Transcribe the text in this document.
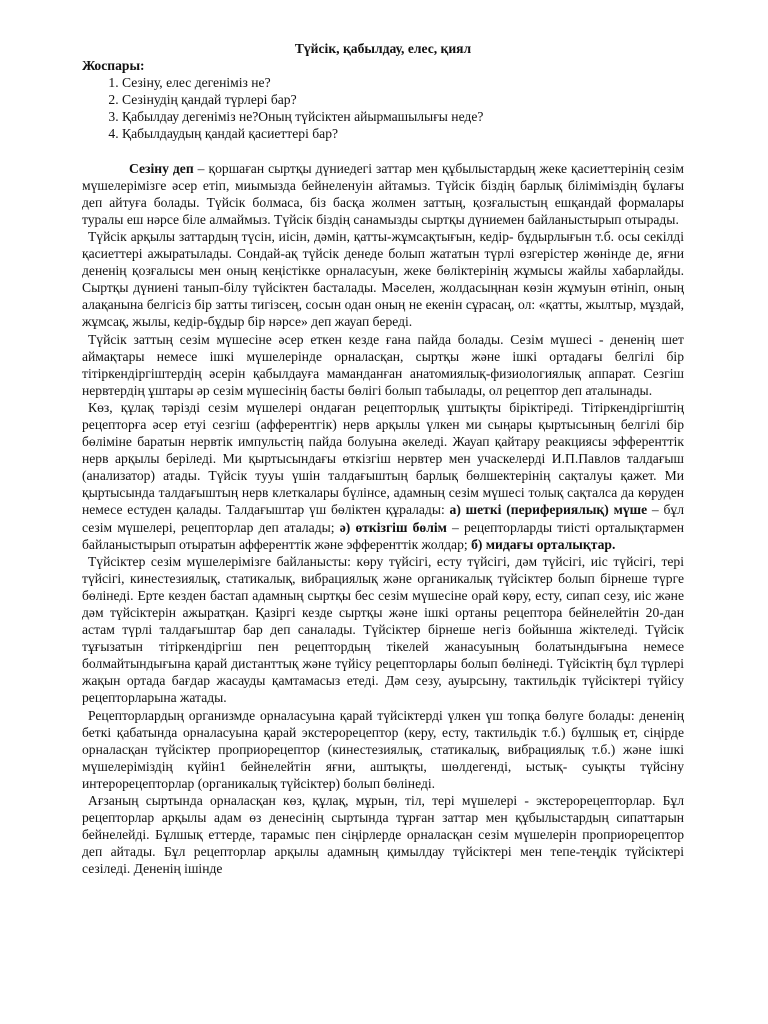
Түйсік, қабылдау, елес, қиял
Жоспары:
1. Сезіну, елес дегеніміз не?
2. Сезінудің қандай түрлері бар?
3. Қабылдау дегеніміз не?Оның түйсіктен айырмашылығы неде?
4. Қабылдаудың қандай қасиеттері бар?

Сезіну деп – қоршаған сыртқы дүниедегі заттар мен құбылыстардың жеке қасиеттерінің сезім мүшелерімізге әсер етіп, миымызда бейнеленуін айтамыз. Түйсік біздің барлық біліміміздің бұлағы деп айтуға болады. Түйсік болмаса, біз басқа жолмен заттың, қозғалыстың ешқандай формалары туралы еш нәрсе біле алмаймыз. Түйсік біздің санамызды сыртқы дүниемен байланыстырып отырады.

Түйсік арқылы заттардың түсін, иісін, дәмін, қатты-жұмсақтығын, кедір- бұдырлығын т.б. осы секілді қасиеттері ажыратылады. Сондай-ақ түйсік денеде болып жататын түрлі өзгерістер жөнінде де, яғни дененің қозғалысы мен оның кеңістікке орналасуын, жеке бөліктерінің жұмысы жайлы хабарлайды. Сыртқы дүниені танып-білу түйсіктен басталады. Мәселен, жолдасыңнан көзін жұмуын өтініп, оның алақанына белгісіз бір затты тигізсең, сосын одан оның не екенін сұрасаң, ол: «қатты, жылтыр, мұздай, жұмсақ, жылы, кедір-бұдыр бір нәрсе» деп жауап береді.

Түйсік заттың сезім мүшесіне әсер еткен кезде ғана пайда болады. Сезім мүшесі - дененің шет аймақтары немесе ішкі мүшелерінде орналасқан, сыртқы және ішкі ортадағы белгілі бір тітіркендіргіштердің әсерін қабылдауға маманданған анатомиялық-физиологиялық аппарат. Сезгіш нервтердің ұштары әр сезім мүшесінің басты бөлігі болып табылады, ол рецептор деп аталынады.

Көз, құлақ тәрізді сезім мүшелері ондаған рецепторлық ұштықты біріктіреді. Тітіркендіргіштің рецепторға әсер етуі сезгіш (афферентгік) нерв арқылы үлкен ми сыңары қыртысының белгілі бір бөліміне баратын нервтік импульстің пайда болуына әкеледі. Жауап қайтару реакциясы эфференттік нерв арқылы беріледі. Ми қыртысындағы өткізгіш нервтер мен учаскелерді И.П.Павлов талдағыш (анализатор) атады. Түйсік тууы үшін талдағыштың барлық бөлшектерінің сақталуы қажет. Ми қыртысында талдағыштың нерв клеткалары бүлінсе, адамның сезім мүшесі толық сақталса да көруден немесе естуден қалады. Талдағыштар үш бөліктен құралады: а) шеткі (перифериялық) мүше – бұл сезім мүшелері, рецепторлар деп аталады; ә) өткізгіш бөлім – рецепторларды тиісті орталықтармен байланыстырып отыратын афференттік және эфференттік жолдар; б) мидағы орталықтар.

Түйсіктер сезім мүшелерімізге байланысты: көру түйсігі, есту түйсігі, дәм түйсігі, иіс түйсігі, тері түйсігі, кинестезиялық, статикалық, вибрациялық және органикалық түйсіктер болып бірнеше түрге бөлінеді. Ерте кезден бастап адамның сыртқы бес сезім мүшесіне орай көру, есту, сипап сезу, иіс және дәм түйсіктерін ажыратқан. Қазіргі кезде сыртқы және ішкі ортаны рецептора бейнелейтін 20-дан астам түрлі талдағыштар бар деп саналады. Түйсіктер бірнеше негіз бойынша жіктеледі. Түйсік тұғызатын тітіркендіргіш пен рецептордың тікелей жанасуының болатындығына немесе болмайтындығына қарай дистанттық және түйісу рецепторлары болып бөлінеді. Түйсіктің бұл түрлері жақын ортада бағдар жасауды қамтамасыз етеді. Дәм сезу, ауырсыну, тактильдік түйсіктері түйісу рецепторларына жатады.

Рецепторлардың организмде орналасуына қарай түйсіктерді үлкен үш топқа бөлуге болады: дененің беткі қабатында орналасуына қарай экстерорецептор (керу, есту, тактильдік т.б.) бұлшық ет, сіңірде орналасқан түйсіктер проприорецептор (кинестезиялық, статикалық, вибрациялық т.б.) және ішкі мүшелеріміздің күйін1 бейнелейтін яғни, аштықты, шөлдегенді, ыстық- суықты түйсіну интерорецепторлар (органикалық түйсіктер) болып бөлінеді.

Ағзаның сыртында орналасқан көз, құлақ, мұрын, тіл, тері мүшелері - экстерорецепторлар. Бұл рецепторлар арқылы адам өз денесінің сыртында тұрған заттар мен құбылыстардың сипаттарын бейнелейді. Бұлшық еттерде, тарамыс пен сіңірлерде орналасқан сезім мүшелерін проприорецептор деп айтады. Бұл рецепторлар арқылы адамның қимылдау түйсіктері мен тепе-теңдік түйсіктері сезіледі. Дененің ішінде
